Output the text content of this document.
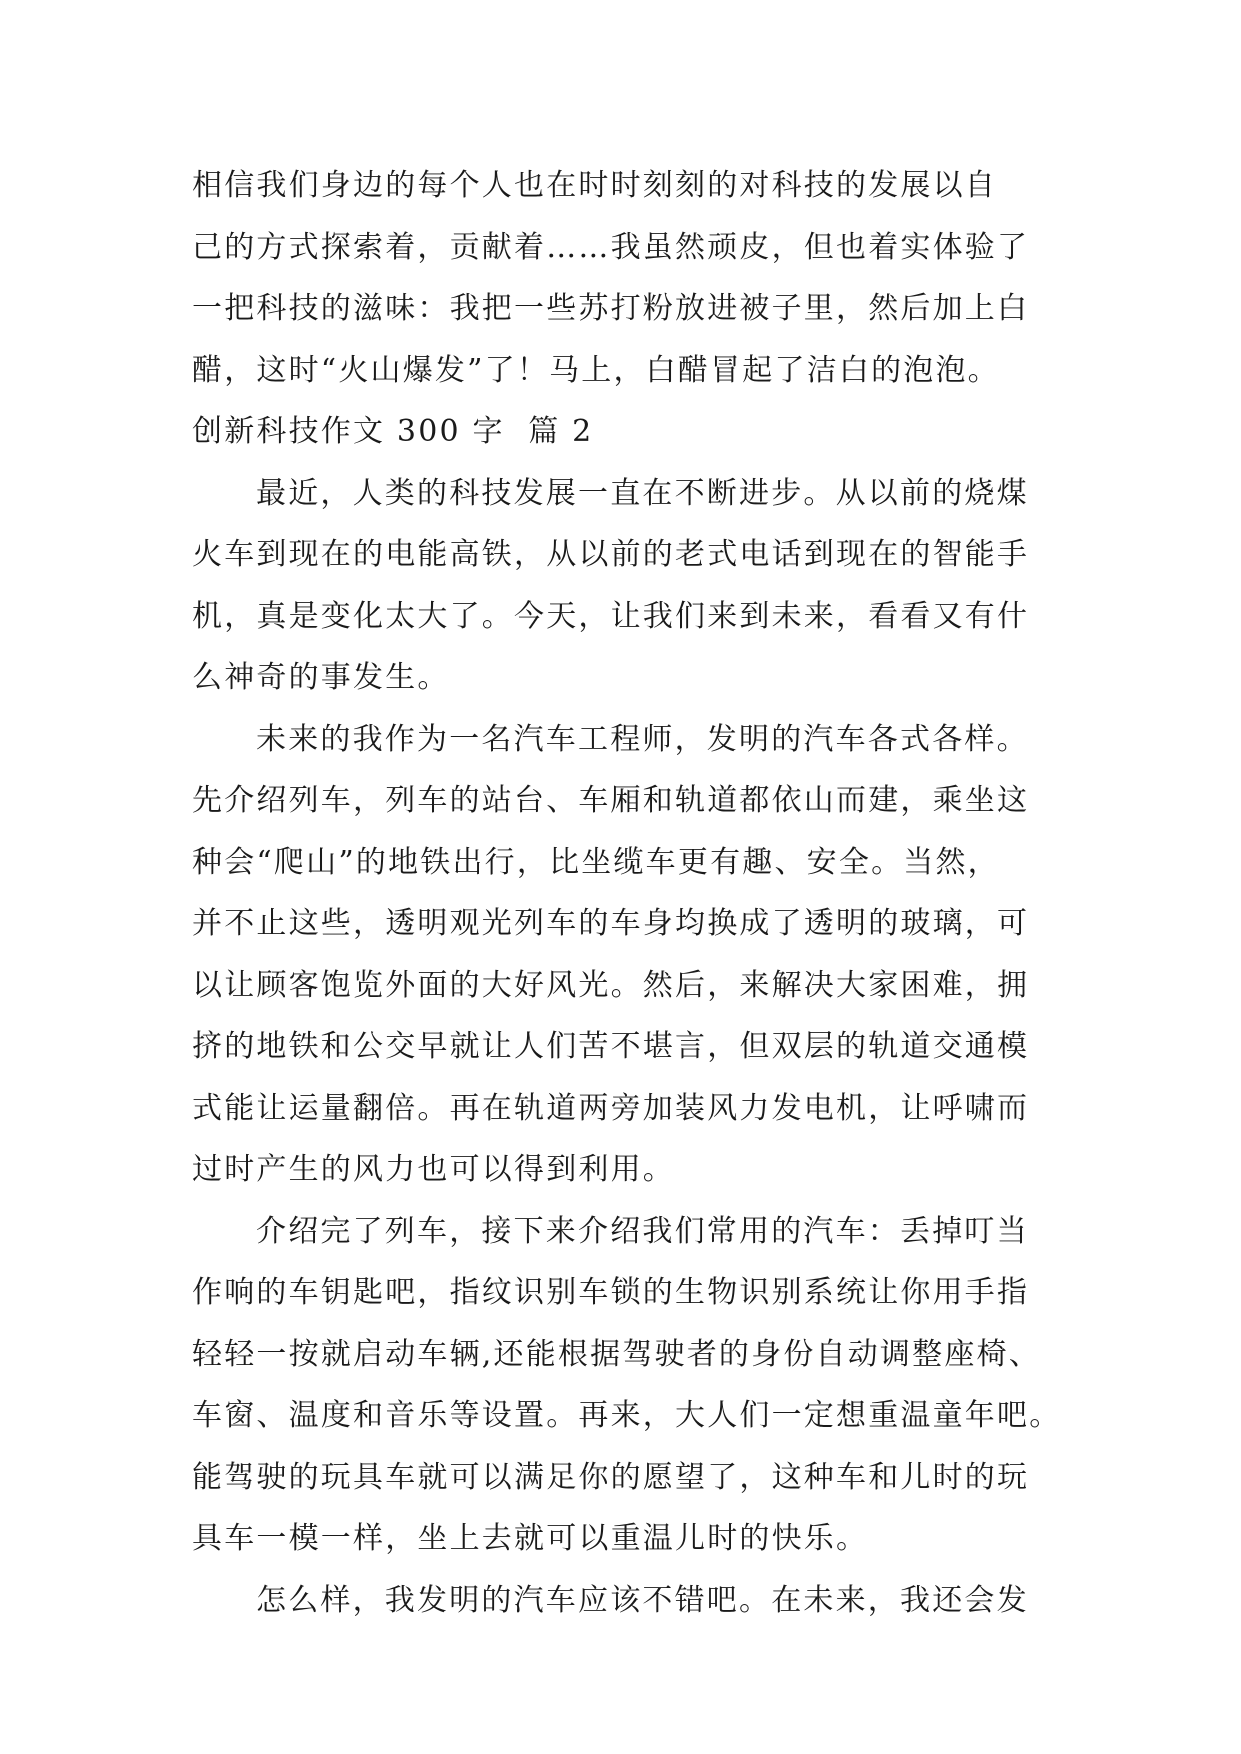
相信我们身边的每个人也在时时刻刻的对科技的发展以自
己的方式探索着，贡献着……我虽然顽皮，但也着实体验了
一把科技的滋味：我把一些苏打粉放进被子里，然后加上白
醋，这时“火山爆发”了！马上，白醋冒起了洁白的泡泡。
创新科技作文 300 字  篇 2
最近，人类的科技发展一直在不断进步。从以前的烧煤
火车到现在的电能高铁，从以前的老式电话到现在的智能手
机，真是变化太大了。今天，让我们来到未来，看看又有什
么神奇的事发生。
未来的我作为一名汽车工程师，发明的汽车各式各样。
先介绍列车，列车的站台、车厢和轨道都依山而建，乘坐这
种会“爬山”的地铁出行，比坐缆车更有趣、安全。当然，
并不止这些，透明观光列车的车身均换成了透明的玻璃，可
以让顾客饱览外面的大好风光。然后，来解决大家困难，拥
挤的地铁和公交早就让人们苦不堪言，但双层的轨道交通模
式能让运量翻倍。再在轨道两旁加装风力发电机，让呼啸而
过时产生的风力也可以得到利用。
介绍完了列车，接下来介绍我们常用的汽车：丢掉叮当
作响的车钥匙吧，指纹识别车锁的生物识别系统让你用手指
轻轻一按就启动车辆,还能根据驾驶者的身份自动调整座椅、
车窗、温度和音乐等设置。再来，大人们一定想重温童年吧。
能驾驶的玩具车就可以满足你的愿望了，这种车和儿时的玩
具车一模一样，坐上去就可以重温儿时的快乐。
怎么样，我发明的汽车应该不错吧。在未来，我还会发
